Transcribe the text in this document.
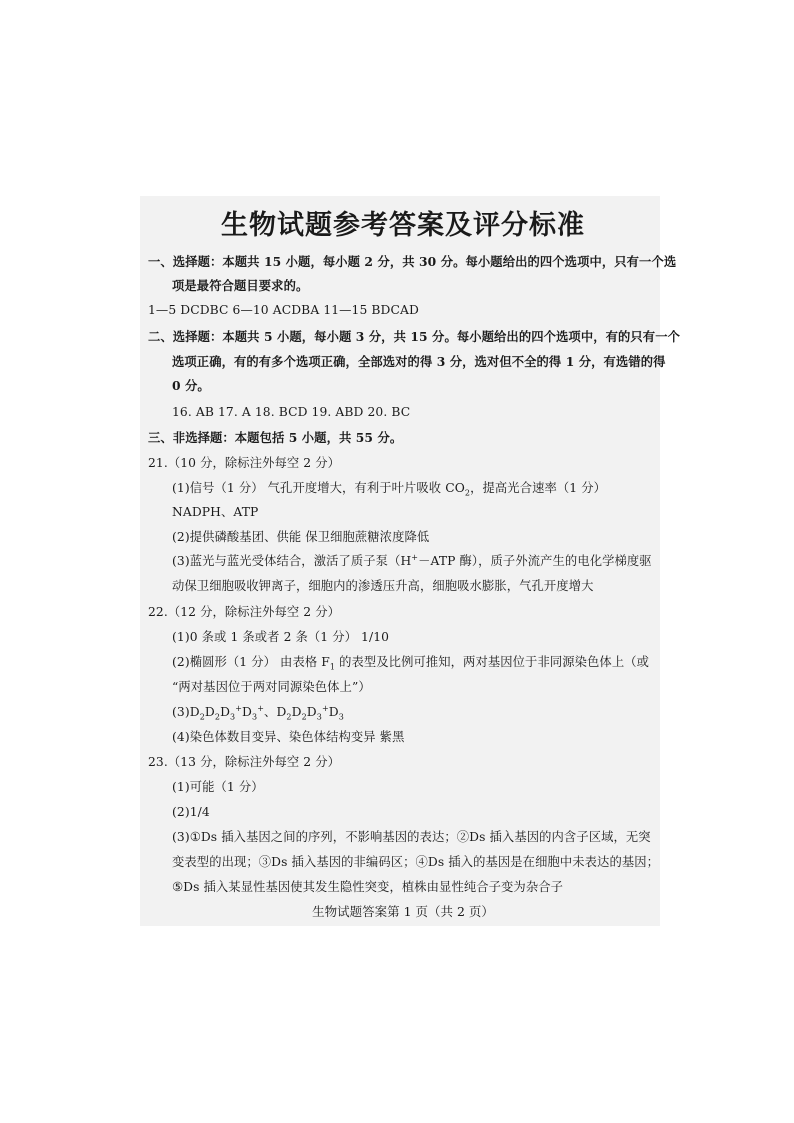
生物试题参考答案及评分标准
一、选择题：本题共 15 小题，每小题 2 分，共 30 分。每小题给出的四个选项中，只有一个选
项是最符合题目要求的。
1—5 DCDBC 6—10 ACDBA 11—15 BDCAD
二、选择题：本题共 5 小题，每小题 3 分，共 15 分。每小题给出的四个选项中，有的只有一个
选项正确，有的有多个选项正确，全部选对的得 3 分，选对但不全的得 1 分，有选错的得
0 分。
16. AB 17. A 18. BCD 19. ABD 20. BC
三、非选择题：本题包括 5 小题，共 55 分。
21.（10 分，除标注外每空 2 分）
(1)信号（1 分） 气孔开度增大，有利于叶片吸收 $CO_2$，提高光合速率（1 分）
NADPH、ATP
(2)提供磷酸基团、供能 保卫细胞蔗糖浓度降低
(3)蓝光与蓝光受体结合，激活了质子泵（H+－ATP 酶），质子外流产生的电化学梯度驱
动保卫细胞吸收钾离子，细胞内的渗透压升高，细胞吸水膨胀，气孔开度增大
22.（12 分，除标注外每空 2 分）
(1)0 条或 1 条或者 2 条（1 分） 1/10
(2)椭圆形（1 分） 由表格 $F_1$ 的表型及比例可推知，两对基因位于非同源染色体上（或
“两对基因位于两对同源染色体上”）
$(3)D_2D_2D_3^+D_3^+$、$D_2D_2D_3^+D_3$
(4)染色体数目变异、染色体结构变异 紫黑
23.（13 分，除标注外每空 2 分）
(1)可能（1 分）
(2)1/4
(3)①Ds 插入基因之间的序列，不影响基因的表达；②Ds 插入基因的内含子区域，无突
变表型的出现；③Ds 插入基因的非编码区；④Ds 插入的基因是在细胞中未表达的基因；
⑤Ds 插入某显性基因使其发生隐性突变，植株由显性纯合子变为杂合子
生物试题答案第 1 页（共 2 页）
